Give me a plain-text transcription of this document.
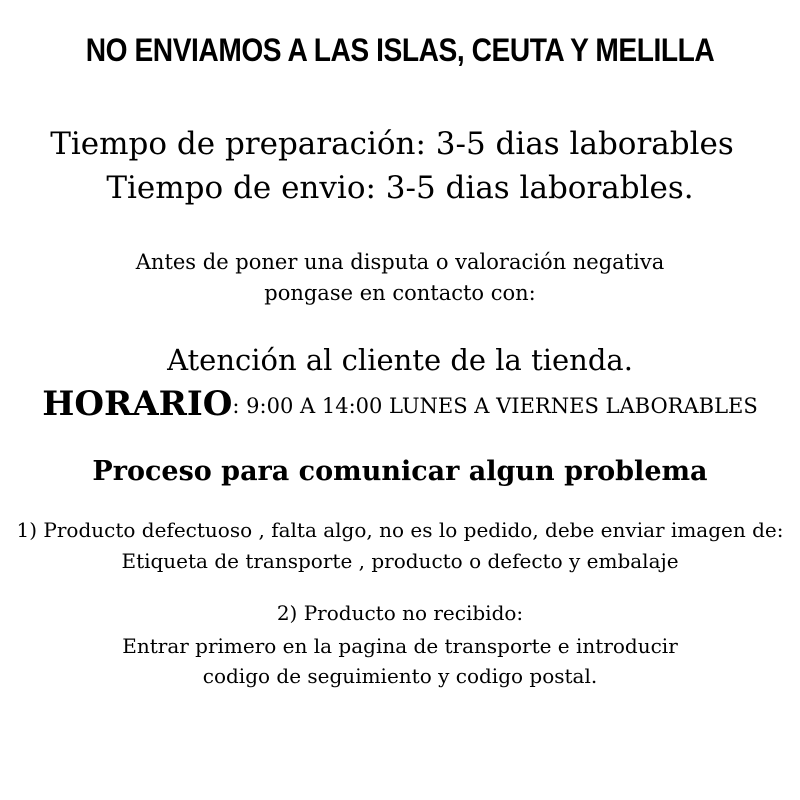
NO ENVIAMOS A LAS ISLAS, CEUTA Y MELILLA
Tiempo de preparación: 3-5 dias laborables
Tiempo de envio: 3-5 dias laborables.
Antes de poner una disputa o valoración negativa
pongase en contacto con:
Atención al cliente de la tienda.
HORARIO: 9:00 A 14:00 LUNES A VIERNES LABORABLES
Proceso para comunicar algun problema
1) Producto defectuoso , falta algo, no es lo pedido, debe enviar imagen de:
Etiqueta de transporte , producto o defecto y embalaje
2) Producto no recibido:
Entrar primero en la pagina de transporte e introducir
codigo de seguimiento y codigo postal.
